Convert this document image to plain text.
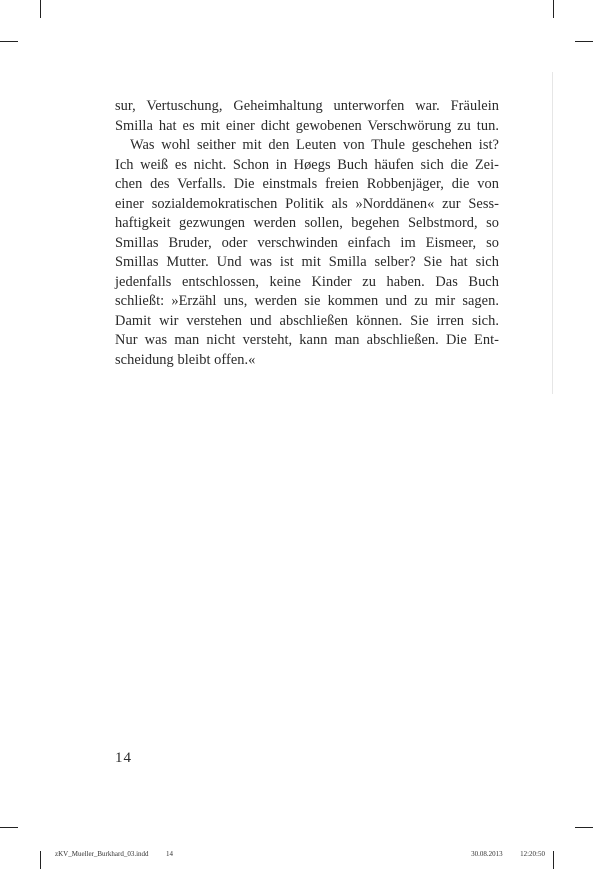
sur, Vertuschung, Geheimhaltung unterworfen war. Fräulein
Smilla hat es mit einer dicht gewobenen Verschwörung zu tun.
Was wohl seither mit den Leuten von Thule geschehen ist?
Ich weiß es nicht. Schon in Høegs Buch häufen sich die Zei-
chen des Verfalls. Die einstmals freien Robbenjäger, die von
einer sozialdemokratischen Politik als »Norddänen« zur Sess-
haftigkeit gezwungen werden sollen, begehen Selbstmord, so
Smillas Bruder, oder verschwinden einfach im Eismeer, so
Smillas Mutter. Und was ist mit Smilla selber? Sie hat sich
jedenfalls entschlossen, keine Kinder zu haben. Das Buch
schließt: »Erzähl uns, werden sie kommen und zu mir sagen.
Damit wir verstehen und abschließen können. Sie irren sich.
Nur was man nicht versteht, kann man abschließen. Die Ent-
scheidung bleibt offen.«
14
zKV_Mueller_Burkhard_03.indd	14	30.08.2013	12:20:50
